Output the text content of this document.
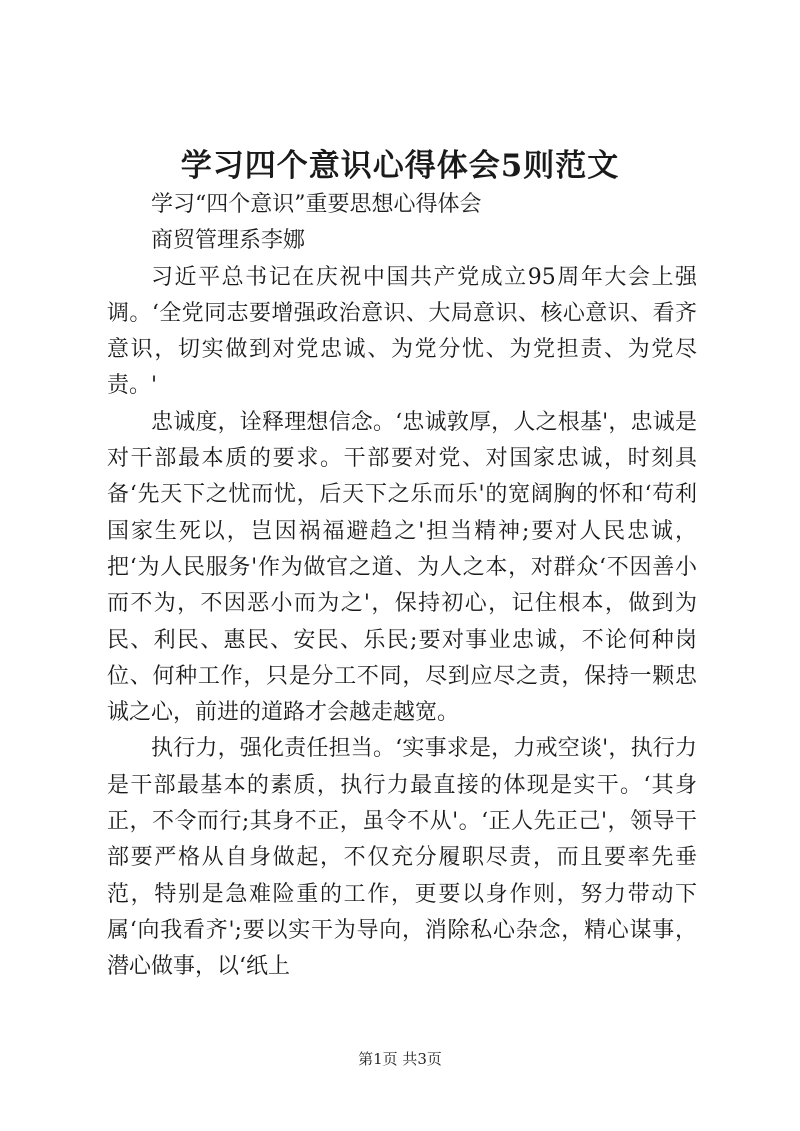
学习四个意识心得体会5则范文

学习“四个意识”重要思想心得体会

商贸管理系李娜

习近平总书记在庆祝中国共产党成立95周年大会上强调。‘全党同志要增强政治意识、大局意识、核心意识、看齐意识，切实做到对党忠诚、为党分忧、为党担责、为党尽责。'

忠诚度，诠释理想信念。‘忠诚敦厚，人之根基'，忠诚是对干部最本质的要求。干部要对党、对国家忠诚，时刻具备‘先天下之忧而忧，后天下之乐而乐'的宽阔胸的怀和‘苟利国家生死以，岂因祸福避趋之'担当精神;要对人民忠诚，把‘为人民服务'作为做官之道、为人之本，对群众‘不因善小而不为，不因恶小而为之'，保持初心，记住根本，做到为民、利民、惠民、安民、乐民;要对事业忠诚，不论何种岗位、何种工作，只是分工不同，尽到应尽之责，保持一颗忠诚之心，前进的道路才会越走越宽。

执行力，强化责任担当。‘实事求是，力戒空谈'，执行力是干部最基本的素质，执行力最直接的体现是实干。‘其身正，不令而行;其身不正，虽令不从'。‘正人先正己'，领导干部要严格从自身做起，不仅充分履职尽责，而且要率先垂范，特别是急难险重的工作，更要以身作则，努力带动下属‘向我看齐';要以实干为导向，消除私心杂念，精心谋事，潜心做事，以‘纸上

第1页 共3页
